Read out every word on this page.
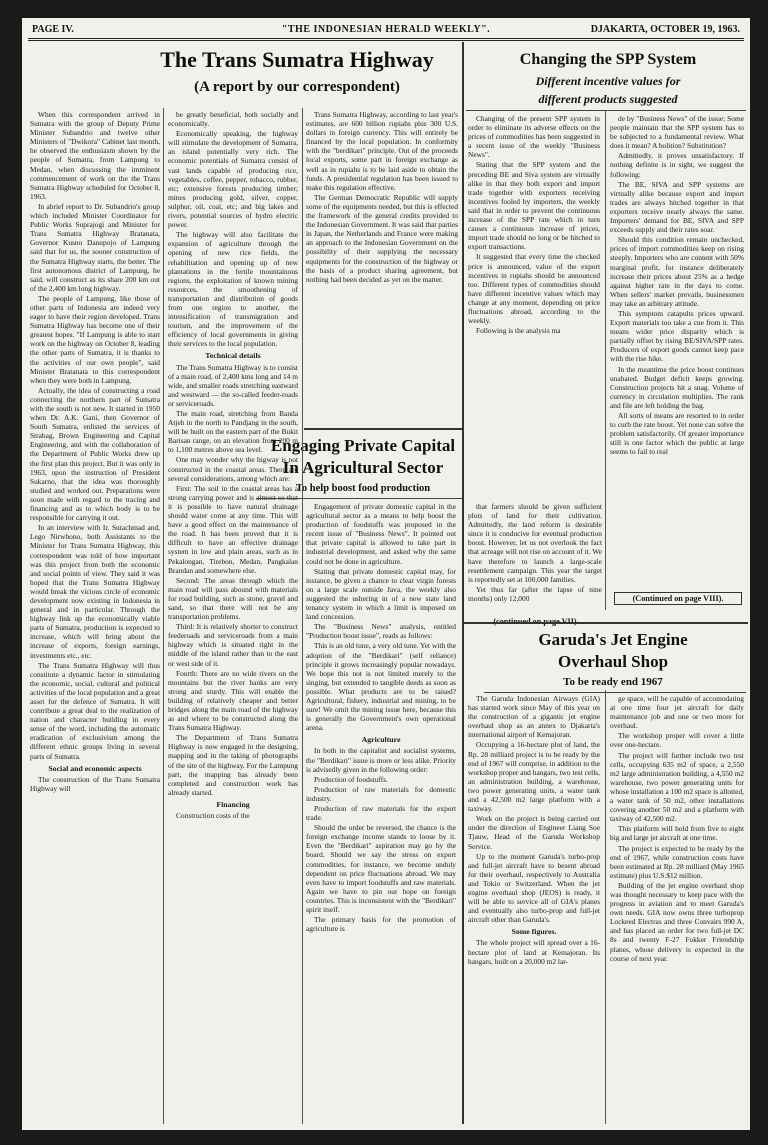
PAGE IV.	"THE INDONESIAN HERALD WEEKLY".	DJAKARTA, OCTOBER 19, 1963.
The Trans Sumatra Highway
(A report by our correspondent)

When this correspondent arrived in Sumatra with the group of Deputy Prime Minister Subandrio and twelve other Ministers of "Dwikora" Cabinet last month, he observed the enthusiasm shown by the people of Sumatra, from Lampung to Medan, when discussing the imminent commencement of work on the the Trans Sumatra Highway scheduled for October 8, 1963.

In abrief report to Dr. Subandrio's group which included Minister Coordinator for Public Works Suprajogi and Minister for Trans Sumatra Highway Bratanata, Governor Kusno Danupojo of Lampung said that for us, the sooner construction of the Sumatra Highway starts, the better. The first autonomous district of Lampung, he said, will construct as its share 200 km out of the 2,400 km long highway.

The people of Lampung, like those of other parts of Indonesia are indeed very eager to have their region developed. Trans Sumatra Highway has become one of their greatest hopes. "If Lampung is able to start work on the highway on October 8, leading the other parts of Sumatra, it is thanks to the activities of our own people", said Minister Bratanata to this correspondent when they were both in Lampung.

Actually, the idea of constructing a road connecting the northern part of Sumatra with the south is not new. It started in 1950 when Dr. A.K. Gani, then Governor of South Sumatra, enlisted the services of Strabag, Brown Engineering and Capital Engineering, and with the collaboration of the Department of Public Works drew up the first plan this project. But it was only in 1963, upon the instruction of President Sukarno, that the idea was thoroughly studied and worked out. Preparations were soon made with regard to the tracing and financing and as to which body is to be responsible for carrying it out.

In an interview with Ir. Sutachmad and, Lego Nirwhono, both Assistants to the Minister for Trans Sumatra Highway, this correspondent was told of how important was this project from both the economic and social points of view. They said it was hoped that the Trans Sumatra Highway would break the vicious circle of economic development now existing in Indonesia in general and in particular. Through the highway link up the economically viable parts of Sumatra, production is expected to increase, which will bring about the increase of exports, foreign earnings, investments etc., etc.

The Trans Sumatra Highway will thus constitute a dynamic factor in stimulating the economic, social, cultural and political activities of the local population and a great asset for the defence of Sumatra. It will contribute a great deal to the realization of nation and character building in every sense of the word, including the automatic eradication of exclusivism among the different ethnic groups living in several parts of Sumatra.

Social and economic aspects

The construction of the Trans Sumatra Highway will

be greatly beneficial, both socially and economically.

Economically speaking, the highway will stimulate the development of Sumatra, an island potentially very rich. The economic potentials of Sumatra consist of vast lands capable of producing rice, vegetables, coffee, pepper, tobacco, rubber, etc; extensive forests producing timber; mines producing gold, silver, copper, sulphur, oil, coal, etc; and big lakes and rivers, potential sources of hydro electric power.

The highway will also facilitate the expansion of agriculture through the opening of new rice fields, the rehabilitation and opening up of new plantations in the fertile mountainous regions, the exploitation of known mining resources, the smoothening of transportation and distribution of goods from one region to another, the intensification of transmigration and tourism, and the improvement of the efficiency of local governments in giving their services to the local population.

Technical details

The Trans Sumatra Highway is to consist of a main road, of 2,400 kms long and 14 m wide, and smaller roads stretching eastward and westward — the so-called feeder-roads or serviceroads.

The main road, stretching from Banda Atjeh in the north to Pandjang in the south, will be built on the eastern part of the Bukit Barisan range, on an elevation from 200 m to 1,100 metres above sea level.

One may wonder why the higway is not constructed in the coastal areas. There are several considerations, among which are:

First: The soil in the coastal areas has a strong carrying power and is almost so that it is possible to have natural drainage should water come at any time. This will have a good effect on the maintenance of the road. It has been proved that it is difficult to have an effective drainage system in low and plain areas, such as in Pekalongan, Tirebon, Medan, Pangkalan Brandan and somewhere else.

Second: The areas through which the main road will pass abound with materials for road building, such as stone, gravel and sand, so that there will not be any transportation problems.

Third: It is relatively shorter to construct feederoads and serviceroads from a main highway which is situated right in the middle of the island rather than to the east or west side of it.

Fourth: There are no wide rivers on the mountains but the river banks are very strong and sturdy. This will enable the building of relatively cheaper and better bridges along the main road of the highway as and where to be constructed along the Trans Sumatra Highway.

The Department of Trans Sumatra Highway is now engaged in the designing, mapping and in the taking of photographs of the site of the highway. For the Lampung part, the mapping has already been completed and construction work has already started.

Financing

Construction costs of the

Trans Sumatra Highway, according to last year's estimates, are 600 billion rupiahs plus 300 U.S. dollars in foreign currency. This will entirely be financed by the local population. In conformity with the "berdikari" principle. Out of the proceeds local exports, some part in foreign exchange as well as in rupiahs is to be laid aside to obtain the funds. A presidential regulation has been issued to make this regulation effective.

The German Democratic Republic will supply some of the equipments needed, but this is effected the framework of the general credits provided to the Indonesian Government. It was said that parties in Japan, the Netherlands and France were making an approach to the Indonesian Government on the possibility of their supplying the necessary equipments for the construction of the highway or the basis of a product sharing agreement, but nothing had been decided as yet on the matter.

Changing the SPP System
Different incentive values for
different products suggested

Changing of the present SPP system in order to eliminate its adverse effects on the prices of commodities has been suggested in a recent issue of the weekly "Business News".

Stating that the SPP system and the preceding BE and Siva system are virtually alike in that they both export and import trade together with exporters receiving incentives fooled by importers, the weekly said that in order to prevent the continuous increase of the SPP rate which in turn causes a continuous increase of prices, import trade should no long or be hitched to export transactions.

It suggested that every time the checked price is announced, value of the export incentives in rupiahs should be announced too. Different types of commodities should have different incentive values which may change at any moment, depending on price fluctuations abroad, according to the weekly.

Following is the analysis ma

de by "Business News" of the issue: Some people maintain that the SPP system has to be subjected to a fundamental review. What does it mean? A bolition? Substitution?

Admittedly, it proves unsatisfactory. If nothing definite is in sight, we suggest the following:

The BE, SIVA and SPP systems are virtually alike because export and import trades are always hitched together in that exporters receive nearly always the same. Importers' demand for BE, SIVA and SPP exceeds supply and their rates soar.

Should this condition remain unchecked, prices of import commodities keep on rising steeply. Importers who are content with 50% marginal profit, for instance deliberately increase their prices about 25% as a hedge against higher rate in the days to come. When sellers' market prevails, businessmen may take an arbitrary attitude.

This symptom catapults prices upward. Export materials too take a cue from it. This means wider price disparity which is partially offset by rising BE/SIVA/SPP rates. Producers of export goods cannot keep pace with the rise hike.

In the meantime the price boost continues unabated. Budget deficit keeps growing. Construction projects hit a snag. Volume of currency in circulation multiplies. The rank and file are left holding the bag.

All sorts of means are resorted to in order to curb the rate boost. Yet none can solve the problem satisfactorily. Of greater importance still is one factor which the public at large seems to fail to real

(Continued on page VIII).
Engaging Private Capital
In Agricultural Sector
To help boost food production

Engagement of private domestic capital in the agricultural sector as a means to help boost the production of foodstuffs was proposed in the recent issue of "Business News". It pointed out that private capital is allowed to take part in industrial development, and asked why the same could not be done in agriculture.

Stating that private domestic capital may, for instance, be given a chance to clear virgin forests on a large scale outside Java, the weekly also suggested the ushering in of a new state land tenancy system in which a limit is imposed on land concession.

The "Business News" analysis, entitled "Production boost issue", reads as follows:

This is an old tune, a very old tune. Yet with the adoption of the "Berdikari" (self reliance) principle it grows increasingly popular nowadays. We hope this not is not limited merely to the singing, but extended to tangible deeds as soon as possible. What products are to be raised? Agricultural, fishery, industrial and mining, to be sure! We omit the mining issue here, because this is generally the Government's own operational arena.

Agriculture

In both in the capitalist and socialist systems, the "Berdikari" issue is more or less alike. Priority is advisedly given in the following order:

Production of foodstuffs.

Production of raw materials for domestic industry.

Production of raw materials for the export trade.

Should the order be reversed, the chance is the foreign exchange income stands to loose by it. Even the "Berdikari" aspiration may go by the board. Should we say the stress on export commodities, for instance, we become unduly dependent on price fluctuations abroad. We may even have to import foodstuffs and raw materials. Again we have to pin our hope on foreign countries. This is inconsistent with the "Berdikari" spirit itself.

The primary basis for the promotion of agriculture is

that farmers should be given sufficient plots of land for their cultivation. Admittedly, the land reform is desirable since it is conducive for eventual production boost. However, let us not overlook the fact that acreage will not rise on account of it. We have therefore to launch a large-scale resettlement campaign. This year the target is reportedly set at 100,000 families.

Yet thus far (after the lapse of nine months) only 12,000

(continued on page VII)
Garuda's Jet Engine
Overhaul Shop
To be ready end 1967

The Garuda Indonesian Airways (GIA) has started work since May of this year on the construction of a gigantic jet engine overhaul shop as an annex to Djakarta's international airport of Kemajoran.

Occupying a 16-hectare plot of land, the Rp. 28 milliard project is to be ready by the end of 1967 will comprise, in addition to the workshop proper and hangars, two test cells, an administration building, a warehouse, two power generating units, a water tank and a 42,500 m2 large platform with a taxiway.

Work on the project is being carried out under the direction of Engineer Liang Soe Tjauw, Head of the Garuda Workshop Service.

Up to the moment Garuda's turbo-prop and full-jet aircraft have to besent abroad for their overhaul, respectively to Australia and Tokio or Switzerland. When the jet engine overhaul shop (JEOS) is ready, it will be able to service all of GIA's planes and eventually also turbo-prop and full-jet aircraft other than Garuda's.

Some figures.

The whole project will spread over a 16-hectare plot of land at Kemajoran. Its hangars, built on a 20,000 m2 lar-

ge space, will be capable of accomodating at one time four jet aircraft for daily maintenance job and one or two more for overhaul.

The workshop proper will cover a little over one-hectare.

The project will further include two test cells, occupying 635 m2 of space, a 2,550 m2 large administration building, a 4,550 m2 warehouse, two power generating units for whose installation a 100 m2 space is allotted, a water tank of 50 m2, other installations covering another 50 m2 and a platform with taxiway of 42,500 m2.

This platform will hold from five to eight big and large jet aircraft at one time.

The project is expected to be ready by the end of 1967, while construction costs have been estimated at Rp. 28 milliard (May 1965 estimate) plus U.S.$12 million.

Building of the jet engine overhaul shop was thought necessary to keep pace with the progress in aviation and to meet Garuda's own needs. GIA now owns three turboprop Lockeed Electras and three Convairs 990 A, and has placed an order for two full-jet DC 8s and twenty F-27 Fokker Friendship planes, whose delivery is expected in the course of next year.
